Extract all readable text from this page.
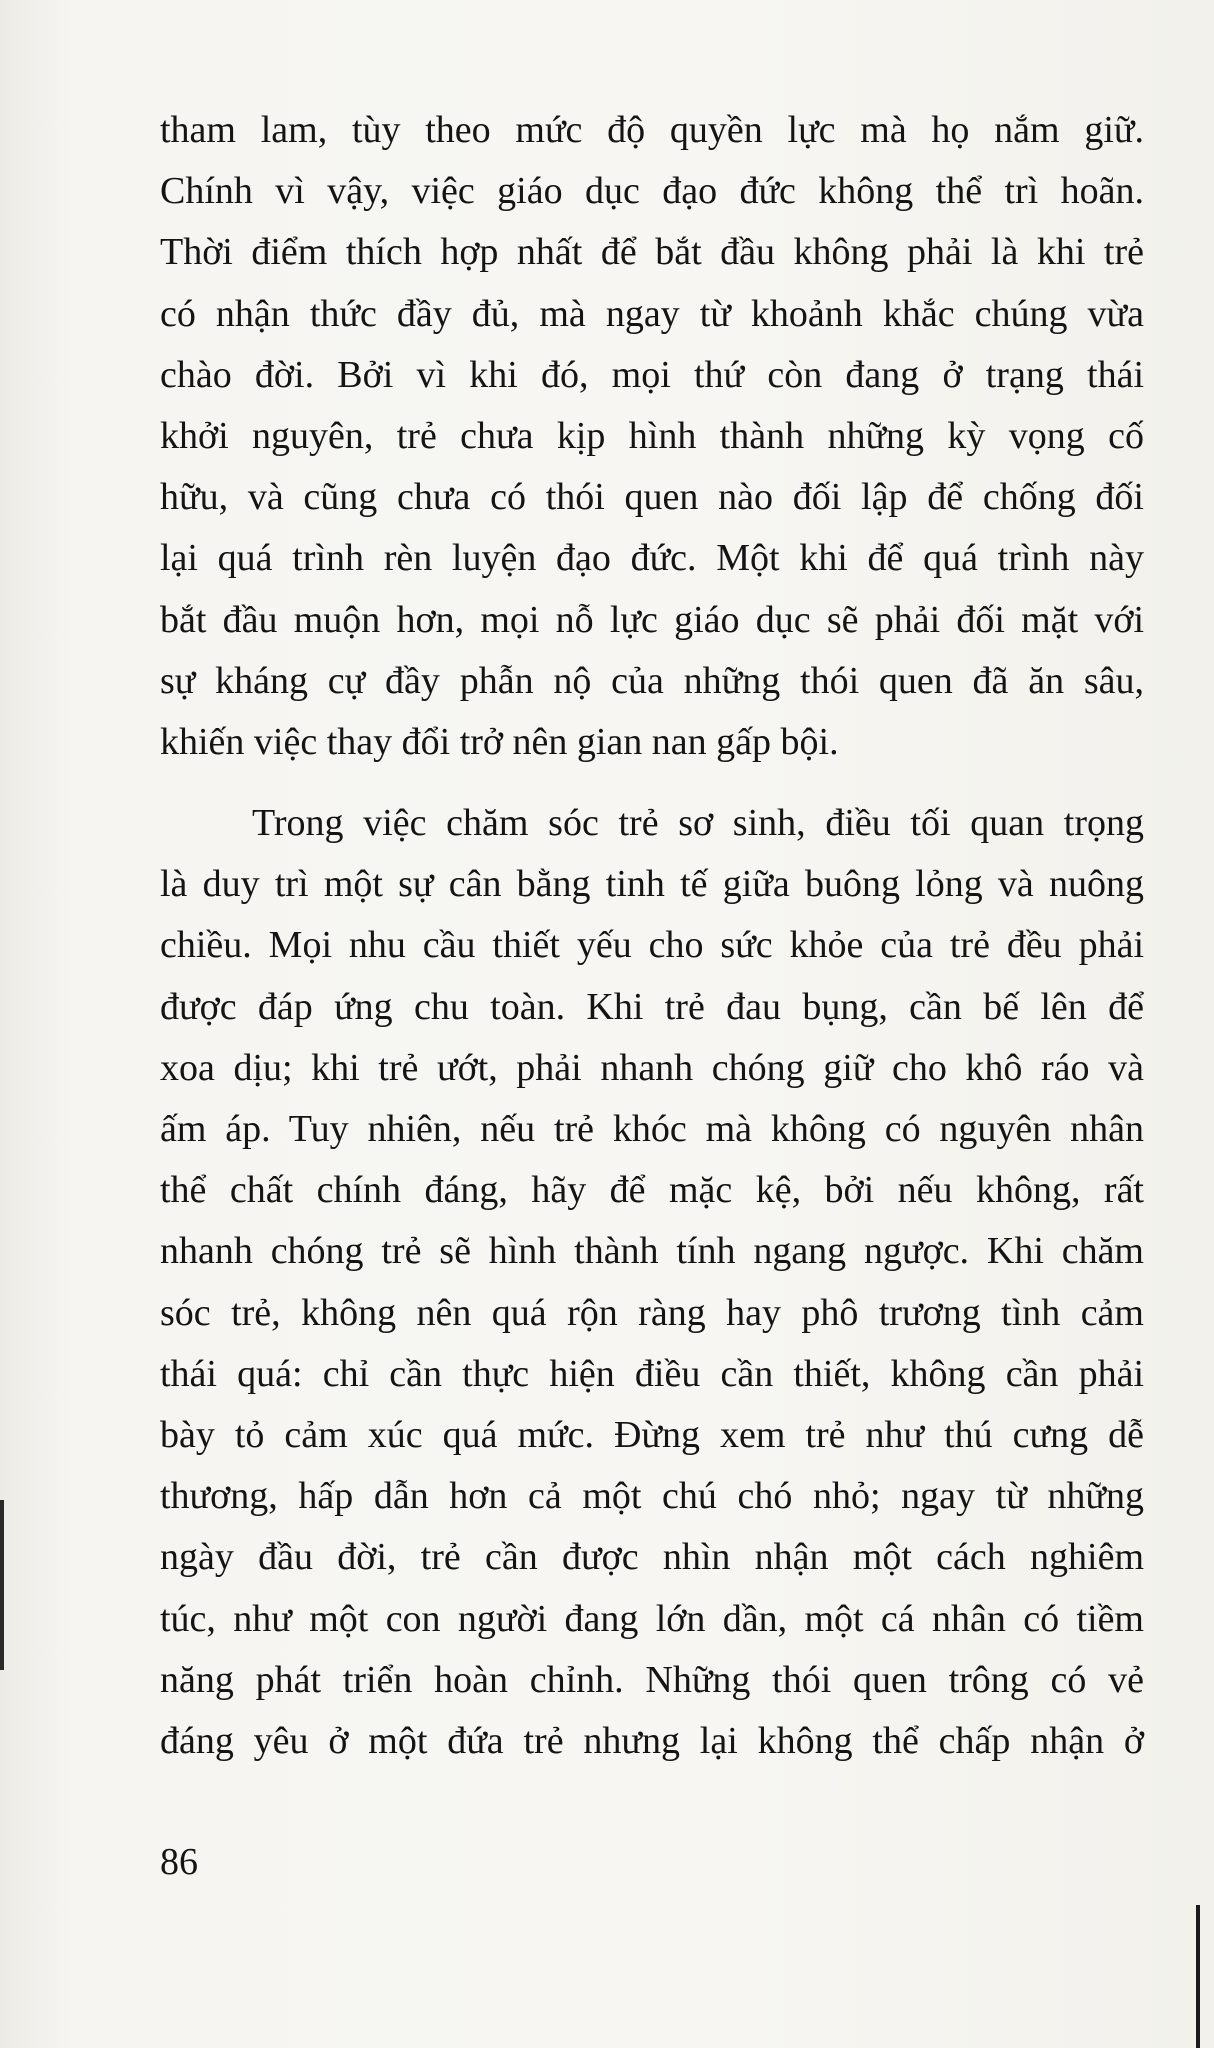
tham lam, tùy theo mức độ quyền lực mà họ nắm giữ.
Chính vì vậy, việc giáo dục đạo đức không thể trì hoãn.
Thời điểm thích hợp nhất để bắt đầu không phải là khi trẻ
có nhận thức đầy đủ, mà ngay từ khoảnh khắc chúng vừa
chào đời. Bởi vì khi đó, mọi thứ còn đang ở trạng thái
khởi nguyên, trẻ chưa kịp hình thành những kỳ vọng cố
hữu, và cũng chưa có thói quen nào đối lập để chống đối
lại quá trình rèn luyện đạo đức. Một khi để quá trình này
bắt đầu muộn hơn, mọi nỗ lực giáo dục sẽ phải đối mặt với
sự kháng cự đầy phẫn nộ của những thói quen đã ăn sâu,
khiến việc thay đổi trở nên gian nan gấp bội.
Trong việc chăm sóc trẻ sơ sinh, điều tối quan trọng
là duy trì một sự cân bằng tinh tế giữa buông lỏng và nuông
chiều. Mọi nhu cầu thiết yếu cho sức khỏe của trẻ đều phải
được đáp ứng chu toàn. Khi trẻ đau bụng, cần bế lên để
xoa dịu; khi trẻ ướt, phải nhanh chóng giữ cho khô ráo và
ấm áp. Tuy nhiên, nếu trẻ khóc mà không có nguyên nhân
thể chất chính đáng, hãy để mặc kệ, bởi nếu không, rất
nhanh chóng trẻ sẽ hình thành tính ngang ngược. Khi chăm
sóc trẻ, không nên quá rộn ràng hay phô trương tình cảm
thái quá: chỉ cần thực hiện điều cần thiết, không cần phải
bày tỏ cảm xúc quá mức. Đừng xem trẻ như thú cưng dễ
thương, hấp dẫn hơn cả một chú chó nhỏ; ngay từ những
ngày đầu đời, trẻ cần được nhìn nhận một cách nghiêm
túc, như một con người đang lớn dần, một cá nhân có tiềm
năng phát triển hoàn chỉnh. Những thói quen trông có vẻ
đáng yêu ở một đứa trẻ nhưng lại không thể chấp nhận ở
86
